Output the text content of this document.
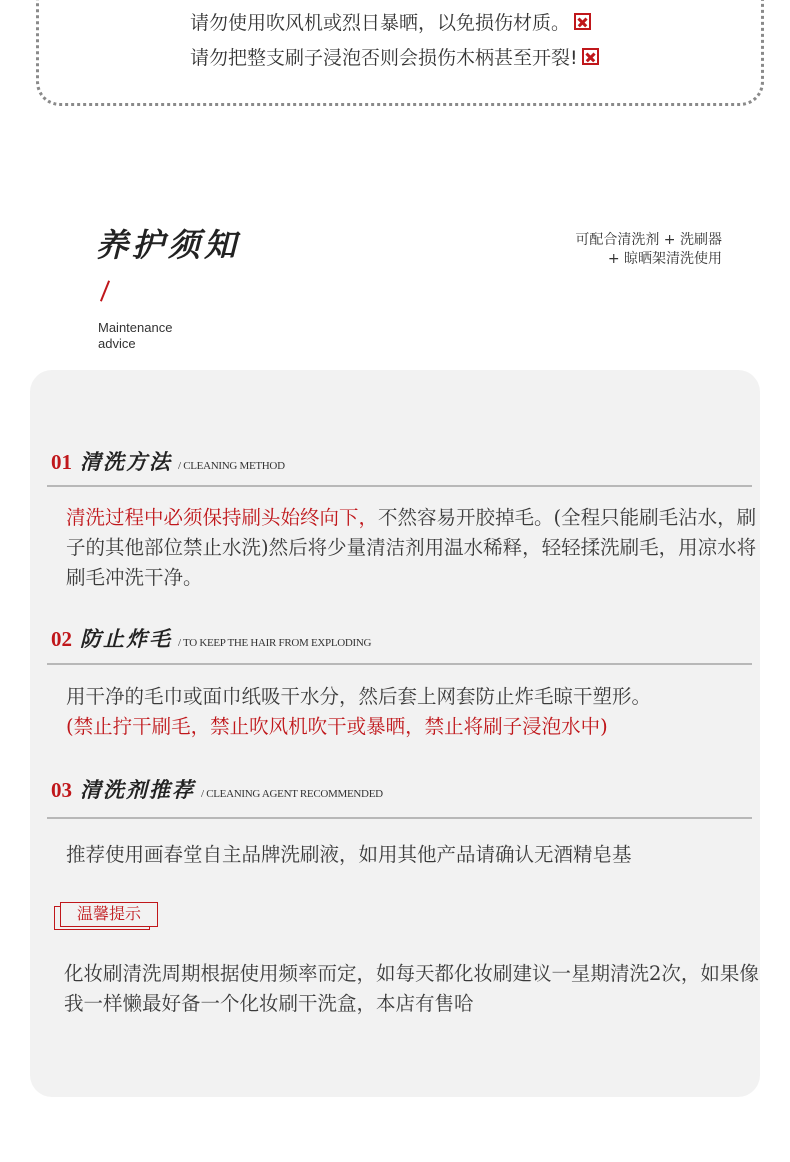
请勿使用吹风机或烈日暴晒，以免损伤材质。
请勿把整支刷子浸泡否则会损伤木柄甚至开裂!
养护须知
Maintenance
advice
可配合清洗剂 + 洗刷器
+ 晾晒架清洗使用
01 清洗方法 / CLEANING METHOD
清洗过程中必须保持刷头始终向下，不然容易开胶掉毛。(全程只能刷毛沾水，刷子的其他部位禁止水洗)然后将少量清洁剂用温水稀释，轻轻揉洗刷毛，用凉水将刷毛冲洗干净。
02 防止炸毛 / TO KEEP THE HAIR FROM EXPLODING
用干净的毛巾或面巾纸吸干水分，然后套上网套防止炸毛晾干塑形。
(禁止拧干刷毛，禁止吹风机吹干或暴晒，禁止将刷子浸泡水中)
03 清洗剂推荐 / CLEANING AGENT RECOMMENDED
推荐使用画春堂自主品牌洗刷液，如用其他产品请确认无酒精皂基
温馨提示
化妆刷清洗周期根据使用频率而定，如每天都化妆刷建议一星期清洗2次，如果像我一样懒最好备一个化妆刷干洗盒，本店有售哈
